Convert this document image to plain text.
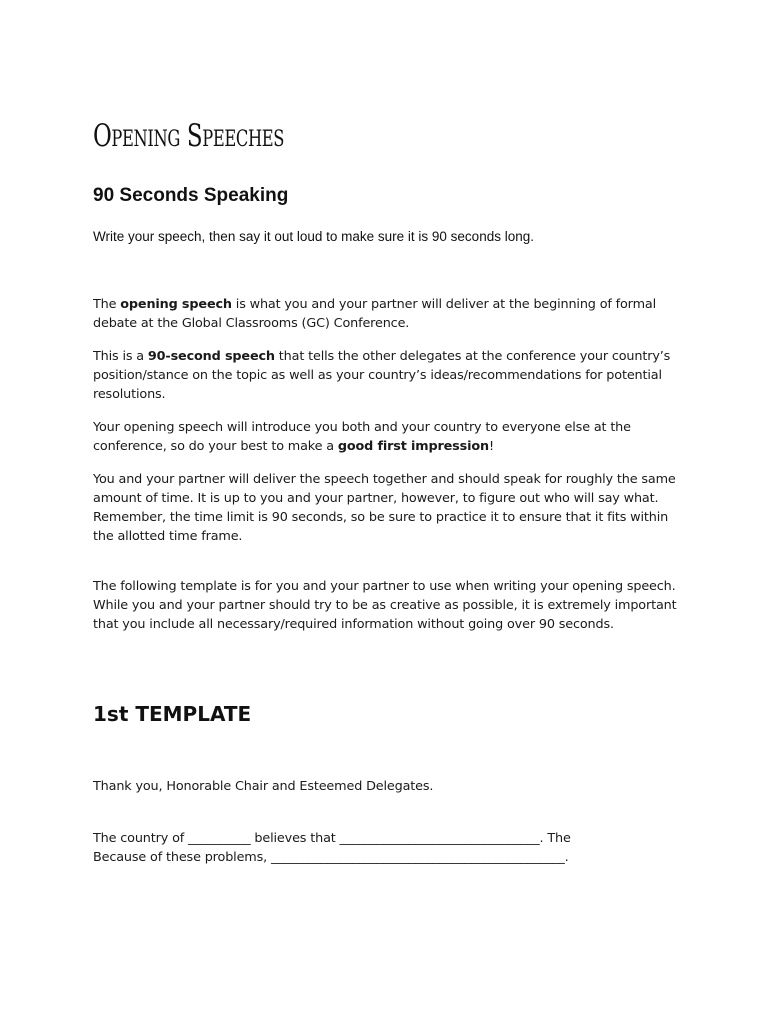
Opening Speeches
90 Seconds Speaking

Write your speech, then say it out loud to make sure it is 90 seconds long.

The opening speech is what you and your partner will deliver at the beginning of formal debate at the Global Classrooms (GC) Conference.

This is a 90-second speech that tells the other delegates at the conference your country’s position/stance on the topic as well as your country’s ideas/recommendations for potential resolutions.

Your opening speech will introduce you both and your country to everyone else at the conference, so do your best to make a good first impression!

You and your partner will deliver the speech together and should speak for roughly the same amount of time. It is up to you and your partner, however, to figure out who will say what. Remember, the time limit is 90 seconds, so be sure to practice it to ensure that it fits within the allotted time frame.

The following template is for you and your partner to use when writing your opening speech. While you and your partner should try to be as creative as possible, it is extremely important that you include all necessary/required information without going over 90 seconds.

1st TEMPLATE

Thank you, Honorable Chair and Esteemed Delegates.

The country of __________ believes that ________________________________. The
Because of these problems, _______________________________________________.
